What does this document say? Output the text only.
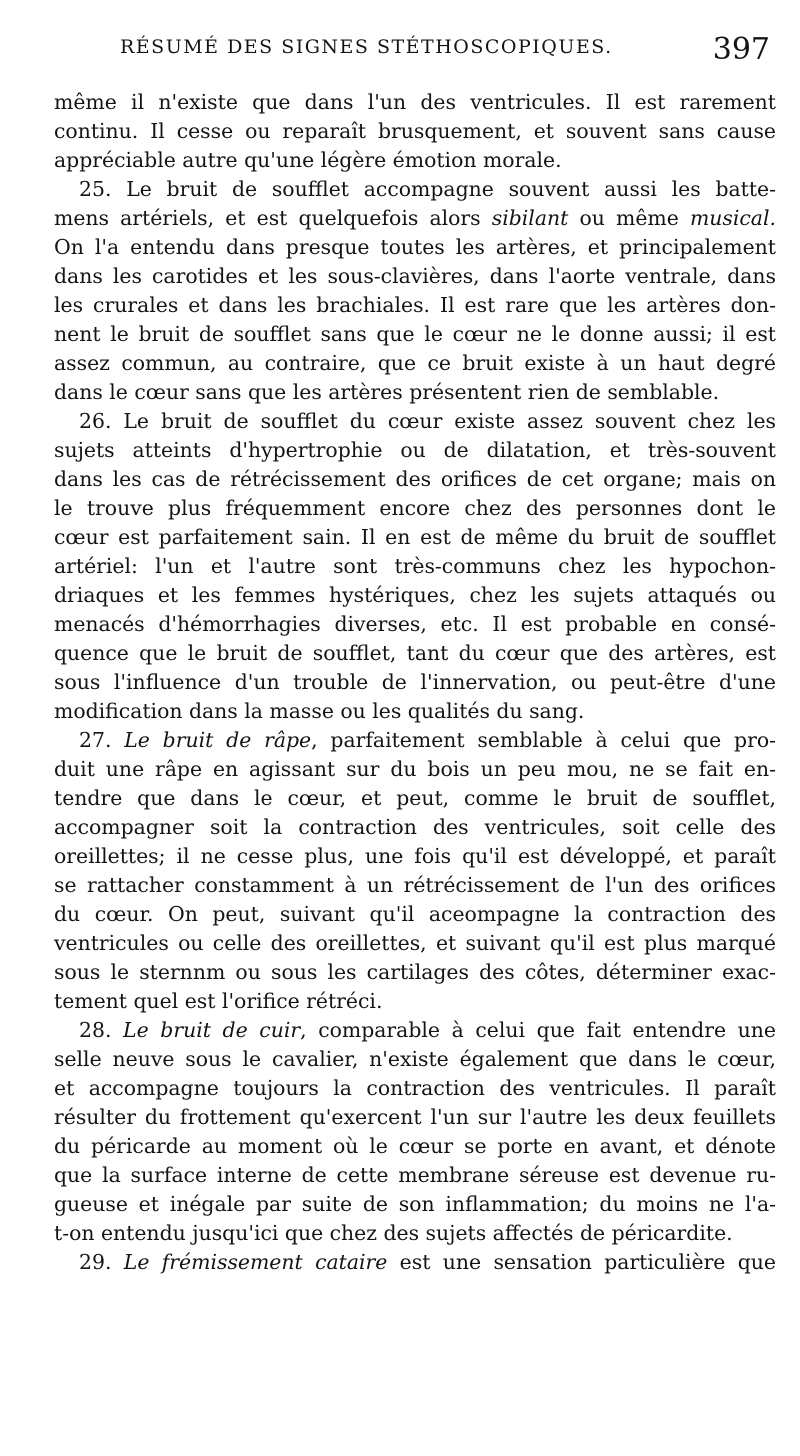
RÉSUMÉ DES SIGNES STÉTHOSCOPIQUES.	397
même il n'existe que dans l'un des ventricules. Il est rarement
continu. Il cesse ou reparaît brusquement, et souvent sans cause
appréciable autre qu'une légère émotion morale.
25. Le bruit de soufflet accompagne souvent aussi les batte-
mens artériels, et est quelquefois alors sibilant ou même musical.
On l'a entendu dans presque toutes les artères, et principalement
dans les carotides et les sous-clavières, dans l'aorte ventrale, dans
les crurales et dans les brachiales. Il est rare que les artères don-
nent le bruit de soufflet sans que le cœur ne le donne aussi; il est
assez commun, au contraire, que ce bruit existe à un haut degré
dans le cœur sans que les artères présentent rien de semblable.
26. Le bruit de soufflet du cœur existe assez souvent chez les
sujets atteints d'hypertrophie ou de dilatation, et très-souvent
dans les cas de rétrécissement des orifices de cet organe; mais on
le trouve plus fréquemment encore chez des personnes dont le
cœur est parfaitement sain. Il en est de même du bruit de soufflet
artériel: l'un et l'autre sont très-communs chez les hypochon-
driaques et les femmes hystériques, chez les sujets attaqués ou
menacés d'hémorrhagies diverses, etc. Il est probable en consé-
quence que le bruit de soufflet, tant du cœur que des artères, est
sous l'influence d'un trouble de l'innervation, ou peut-être d'une
modification dans la masse ou les qualités du sang.
27. Le bruit de râpe, parfaitement semblable à celui que pro-
duit une râpe en agissant sur du bois un peu mou, ne se fait en-
tendre que dans le cœur, et peut, comme le bruit de soufflet,
accompagner soit la contraction des ventricules, soit celle des
oreillettes; il ne cesse plus, une fois qu'il est développé, et paraît
se rattacher constamment à un rétrécissement de l'un des orifices
du cœur. On peut, suivant qu'il aceompagne la contraction des
ventricules ou celle des oreillettes, et suivant qu'il est plus marqué
sous le sternnm ou sous les cartilages des côtes, déterminer exac-
tement quel est l'orifice rétréci.
28. Le bruit de cuir, comparable à celui que fait entendre une
selle neuve sous le cavalier, n'existe également que dans le cœur,
et accompagne toujours la contraction des ventricules. Il paraît
résulter du frottement qu'exercent l'un sur l'autre les deux feuillets
du péricarde au moment où le cœur se porte en avant, et dénote
que la surface interne de cette membrane séreuse est devenue ru-
gueuse et inégale par suite de son inflammation; du moins ne l'a-
t-on entendu jusqu'ici que chez des sujets affectés de péricardite.
29. Le frémissement cataire est une sensation particulière que
